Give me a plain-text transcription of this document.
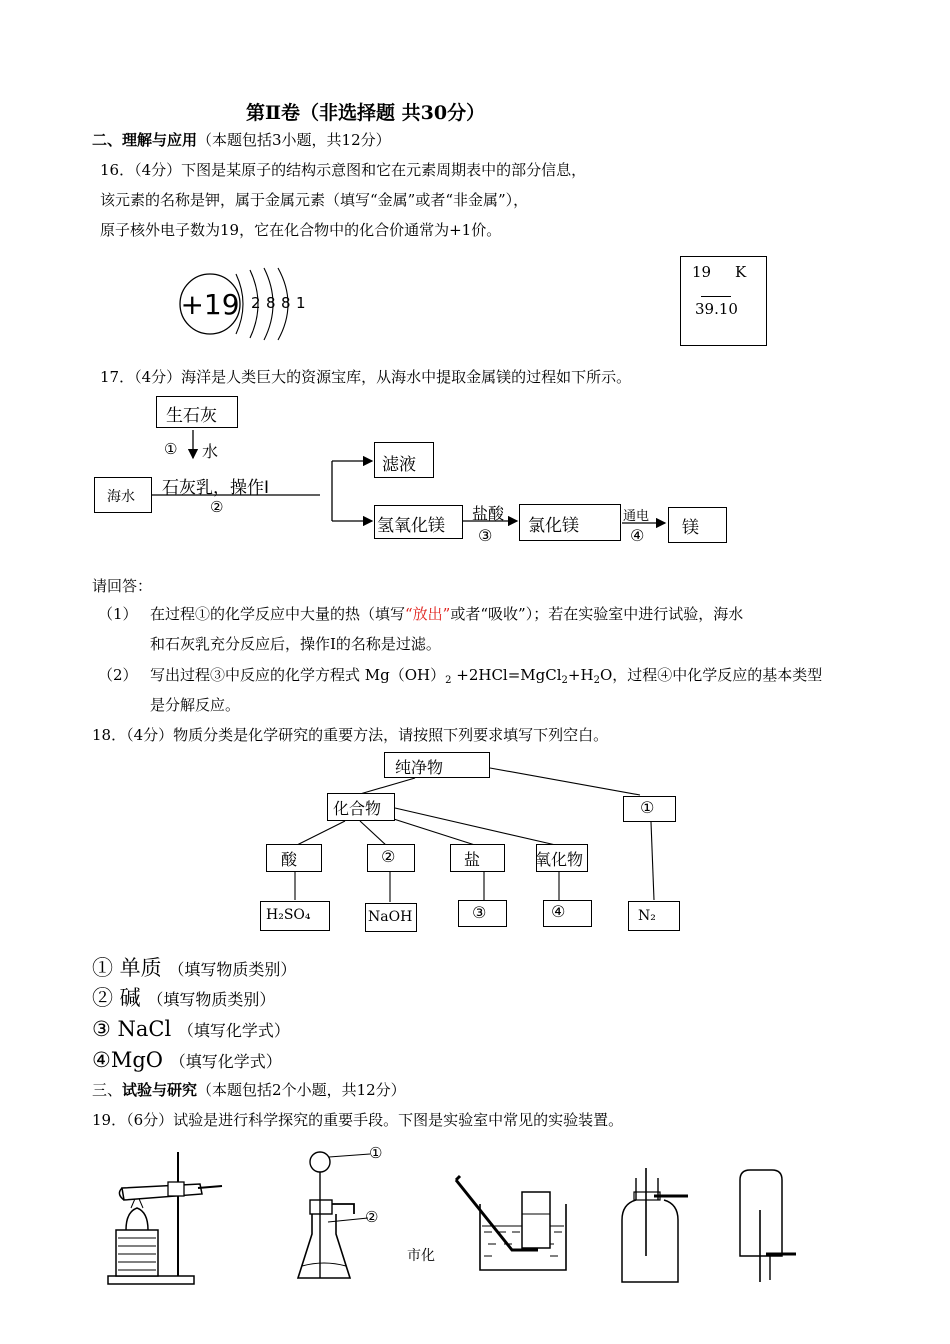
第Ⅱ卷（非选择题 共30分）
二、理解与应用（本题包括3小题，共12分）
16．（4分）下图是某原子的结构示意图和它在元素周期表中的部分信息，
该元素的名称是钾，属于金属元素（填写“金属”或者“非金属”），
原子核外电子数为19，它在化合物中的化合价通常为+1价。
+19 2 8 8 1
19 K
39.10
17．（4分）海洋是人类巨大的资源宝库，从海水中提取金属镁的过程如下所示。
生石灰
① 水
石灰乳，操作Ⅰ
②
海水
滤液
氢氧化镁
盐酸
③ 氯化镁	通电
④ 镁
请回答：
（1） 在过程①的化学反应中大量的热（填写“放出”或者“吸收”）；若在实验室中进行试验，海水
和石灰乳充分反应后，操作Ⅰ的名称是过滤。
（2） 写出过程③中反应的化学方程式 $Mg(OH)_2$ $+2HCl=MgCl_2+H_2O$，过程④中化学反应的基本类型
是分解反应。
18．（4分）物质分类是化学研究的重要方法，请按照下列要求填写下列空白。
纯净物
化合物	①
酸	②	盐	氧化物
H₂SO₄	NaOH	③	④	N₂
① 单质 （填写物质类别）
② 碱 （填写物质类别）
③ NaCl （填写化学式）
④MgO （填写化学式）
三、试验与研究（本题包括2个小题，共12分）
19．（6分）试验是进行科学探究的重要手段。下图是实验室中常见的实验装置。
①
②
市化
